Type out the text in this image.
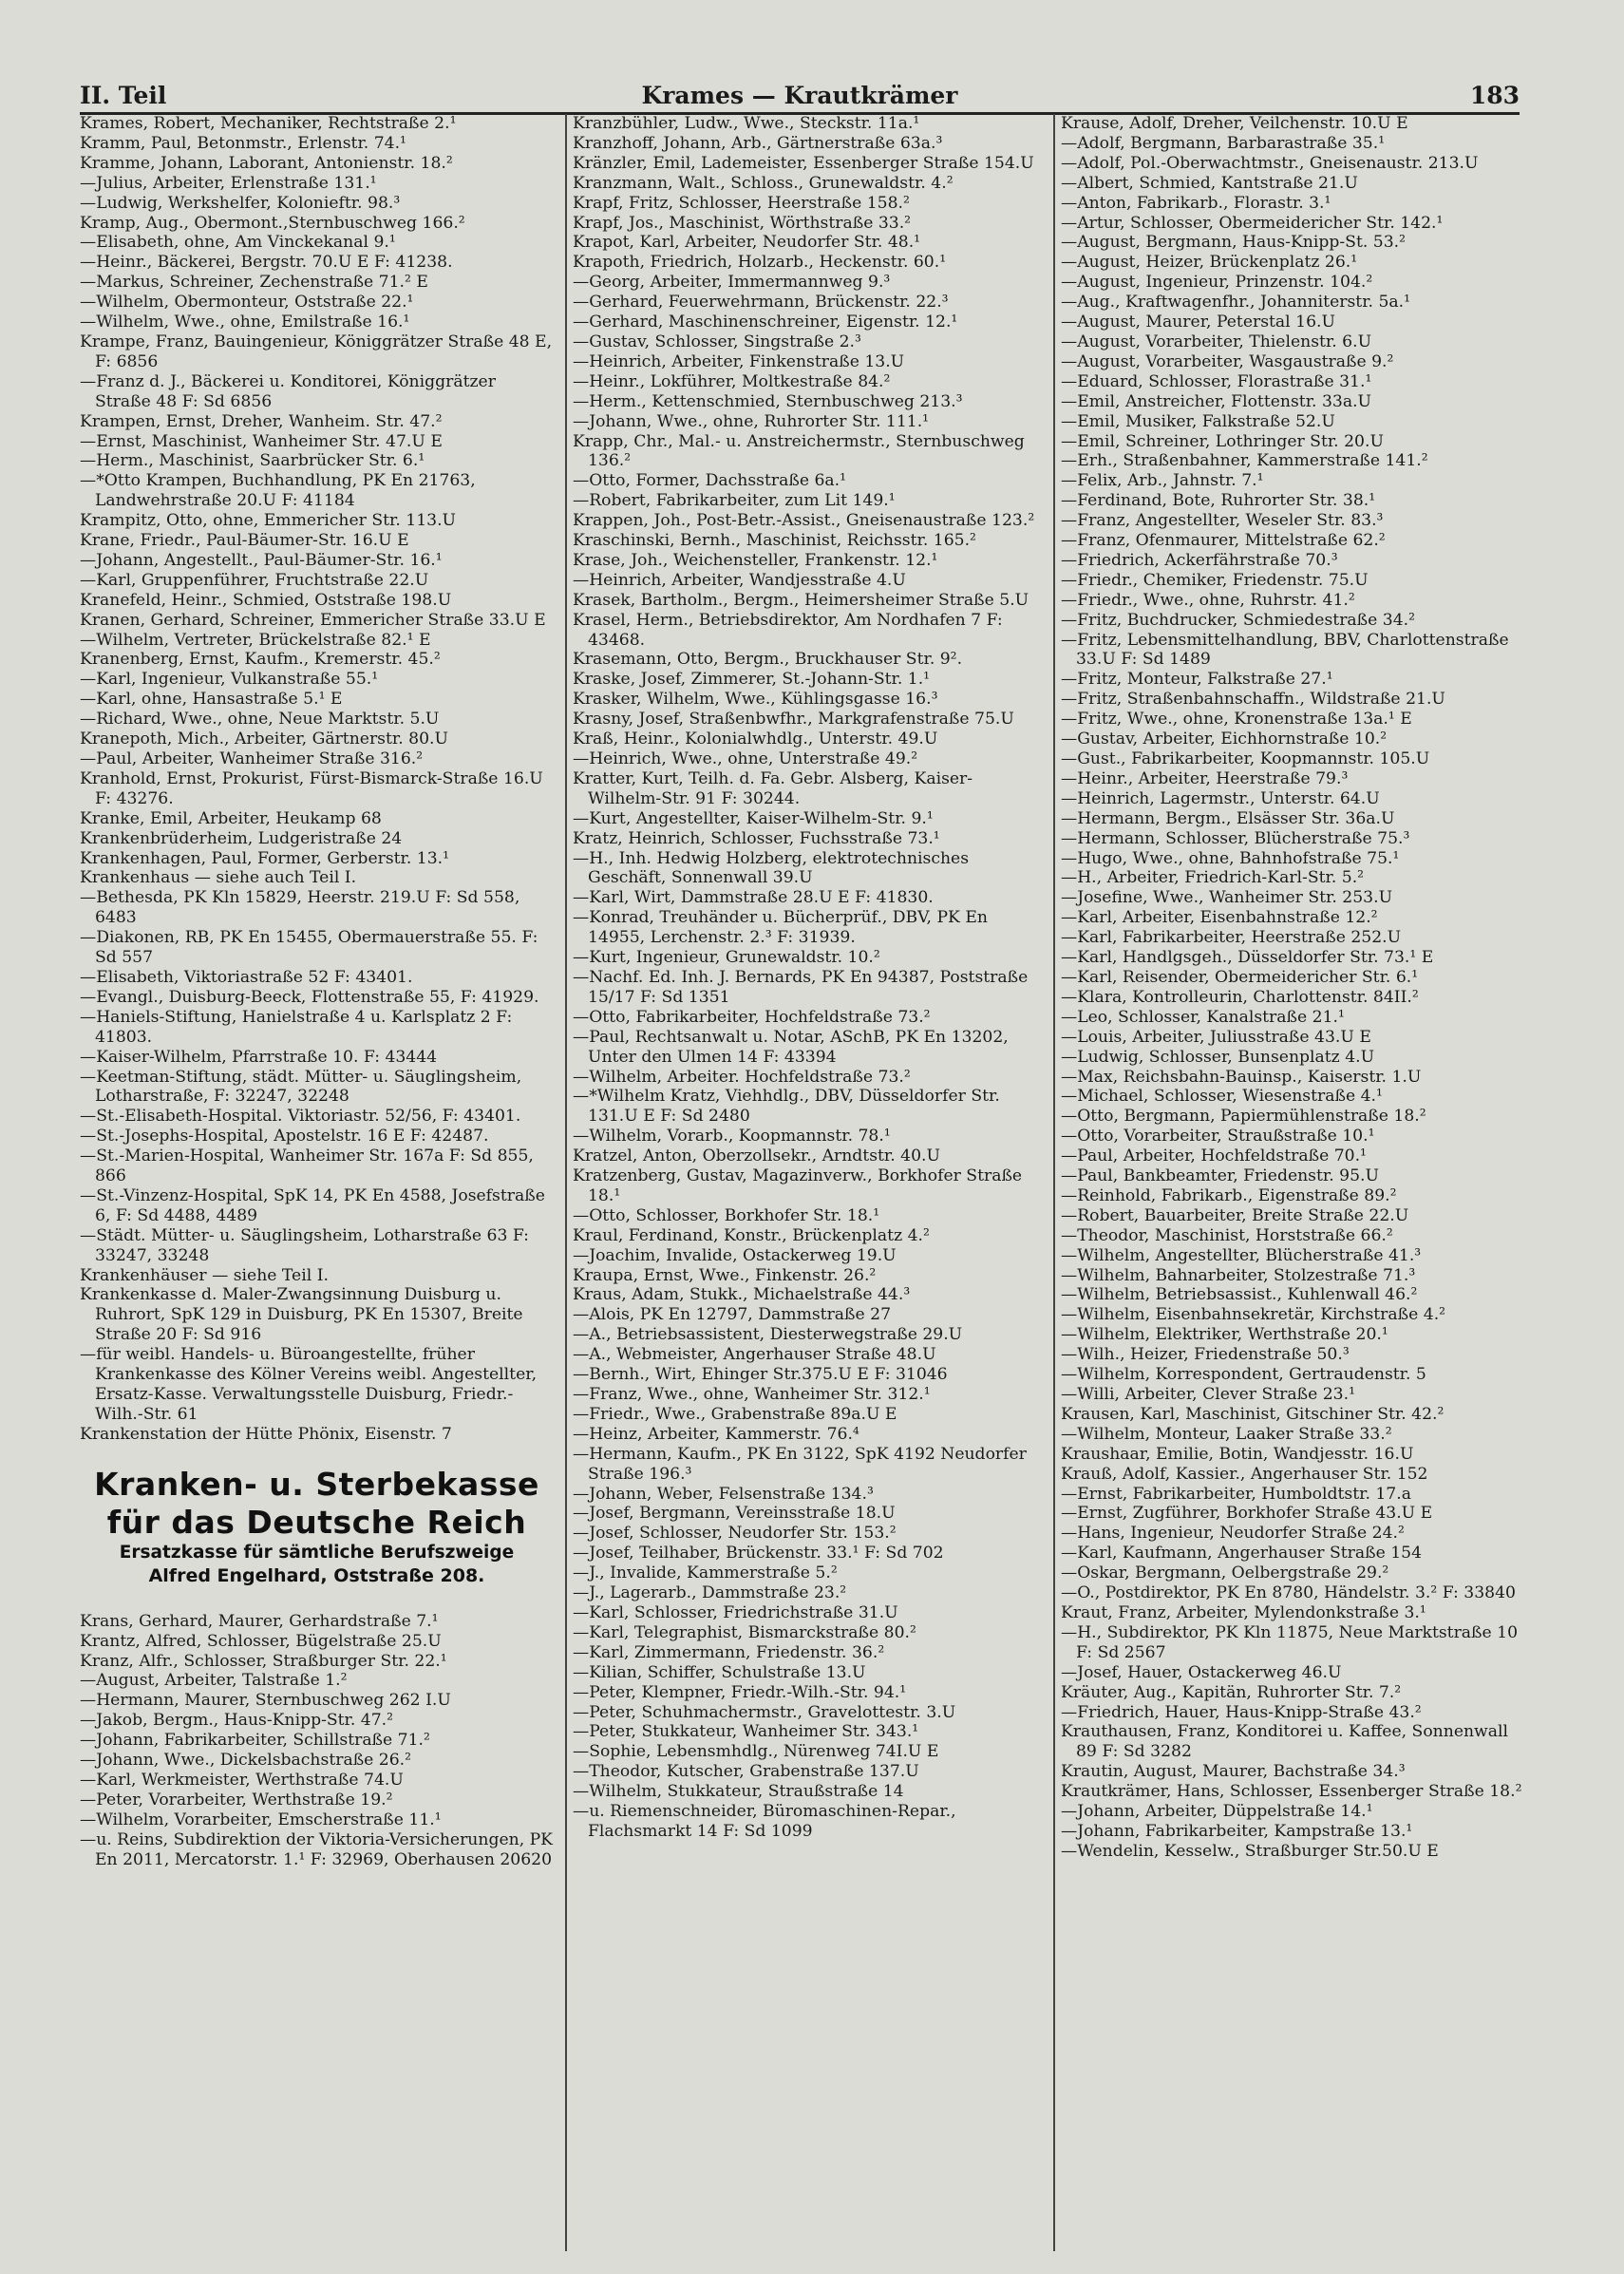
II. Teil	Krames — Krautkrämer	183

Krames, Robert, Mechaniker, Rechtstraße 2.¹

Kramm, Paul, Betonmstr., Erlenstr. 74.¹

Kramme, Johann, Laborant, Antonienstr. 18.²

—Julius, Arbeiter, Erlenstraße 131.¹

—Ludwig, Werkshelfer, Kolonieftr. 98.³

Kramp, Aug., Obermont.,Sternbuschweg 166.²

—Elisabeth, ohne, Am Vinckekanal 9.¹

—Heinr., Bäckerei, Bergstr. 70.U E F: 41238.

—Markus, Schreiner, Zechenstraße 71.² E

—Wilhelm, Obermonteur, Oststraße 22.¹

—Wilhelm, Wwe., ohne, Emilstraße 16.¹

Krampe, Franz, Bauingenieur, Königgrätzer Straße 48 E, F: 6856

—Franz d. J., Bäckerei u. Konditorei, Königgrätzer Straße 48 F: Sd 6856

Krampen, Ernst, Dreher, Wanheim. Str. 47.²

—Ernst, Maschinist, Wanheimer Str. 47.U E

—Herm., Maschinist, Saarbrücker Str. 6.¹

—*Otto Krampen, Buchhandlung, PK En 21763, Landwehrstraße 20.U F: 41184

Krampitz, Otto, ohne, Emmericher Str. 113.U

Krane, Friedr., Paul-Bäumer-Str. 16.U E

—Johann, Angestellt., Paul-Bäumer-Str. 16.¹

—Karl, Gruppenführer, Fruchtstraße 22.U

Kranefeld, Heinr., Schmied, Oststraße 198.U

Kranen, Gerhard, Schreiner, Emmericher Straße 33.U E

—Wilhelm, Vertreter, Brückelstraße 82.¹ E

Kranenberg, Ernst, Kaufm., Kremerstr. 45.²

—Karl, Ingenieur, Vulkanstraße 55.¹

—Karl, ohne, Hansastraße 5.¹ E

—Richard, Wwe., ohne, Neue Marktstr. 5.U

Kranepoth, Mich., Arbeiter, Gärtnerstr. 80.U

—Paul, Arbeiter, Wanheimer Straße 316.²

Kranhold, Ernst, Prokurist, Fürst-Bismarck-Straße 16.U F: 43276.

Kranke, Emil, Arbeiter, Heukamp 68

Krankenbrüderheim, Ludgeristraße 24

Krankenhagen, Paul, Former, Gerberstr. 13.¹

Krankenhaus — siehe auch Teil I.

—Bethesda, PK Kln 15829, Heerstr. 219.U F: Sd 558, 6483

—Diakonen, RB, PK En 15455, Obermauerstraße 55. F: Sd 557

—Elisabeth, Viktoriastraße 52 F: 43401.

—Evangl., Duisburg-Beeck, Flottenstraße 55, F: 41929.

—Haniels-Stiftung, Hanielstraße 4 u. Karlsplatz 2 F: 41803.

—Kaiser-Wilhelm, Pfarrstraße 10. F: 43444

—Keetman-Stiftung, städt. Mütter- u. Säuglingsheim, Lotharstraße, F: 32247, 32248

—St.-Elisabeth-Hospital. Viktoriastr. 52/56, F: 43401.

—St.-Josephs-Hospital, Apostelstr. 16 E F: 42487.

—St.-Marien-Hospital, Wanheimer Str. 167a F: Sd 855, 866

—St.-Vinzenz-Hospital, SpK 14, PK En 4588, Josefstraße 6, F: Sd 4488, 4489

—Städt. Mütter- u. Säuglingsheim, Lotharstraße 63 F: 33247, 33248

Krankenhäuser — siehe Teil I.

Krankenkasse d. Maler-Zwangsinnung Duisburg u. Ruhrort, SpK 129 in Duisburg, PK En 15307, Breite Straße 20 F: Sd 916

—für weibl. Handels- u. Büroangestellte, früher Krankenkasse des Kölner Vereins weibl. Angestellter, Ersatz-Kasse. Verwaltungsstelle Duisburg, Friedr.-Wilh.-Str. 61

Krankenstation der Hütte Phönix, Eisenstr. 7

Kranken- u. Sterbekasse
für das Deutsche Reich
Ersatzkasse für sämtliche Berufszweige
Alfred Engelhard, Oststraße 208.

Krans, Gerhard, Maurer, Gerhardstraße 7.¹

Krantz, Alfred, Schlosser, Bügelstraße 25.U

Kranz, Alfr., Schlosser, Straßburger Str. 22.¹

—August, Arbeiter, Talstraße 1.²

—Hermann, Maurer, Sternbuschweg 262 I.U

—Jakob, Bergm., Haus-Knipp-Str. 47.²

—Johann, Fabrikarbeiter, Schillstraße 71.²

—Johann, Wwe., Dickelsbachstraße 26.²

—Karl, Werkmeister, Werthstraße 74.U

—Peter, Vorarbeiter, Werthstraße 19.²

—Wilhelm, Vorarbeiter, Emscherstraße 11.¹

—u. Reins, Subdirektion der Viktoria-Versicherungen, PK En 2011, Mercatorstr. 1.¹ F: 32969, Oberhausen 20620

Kranzbühler, Ludw., Wwe., Steckstr. 11a.¹

Kranzhoff, Johann, Arb., Gärtnerstraße 63a.³

Kränzler, Emil, Lademeister, Essenberger Straße 154.U

Kranzmann, Walt., Schloss., Grunewaldstr. 4.²

Krapf, Fritz, Schlosser, Heerstraße 158.²

Krapf, Jos., Maschinist, Wörthstraße 33.²

Krapot, Karl, Arbeiter, Neudorfer Str. 48.¹

Krapoth, Friedrich, Holzarb., Heckenstr. 60.¹

—Georg, Arbeiter, Immermannweg 9.³

—Gerhard, Feuerwehrmann, Brückenstr. 22.³

—Gerhard, Maschinenschreiner, Eigenstr. 12.¹

—Gustav, Schlosser, Singstraße 2.³

—Heinrich, Arbeiter, Finkenstraße 13.U

—Heinr., Lokführer, Moltkestraße 84.²

—Herm., Kettenschmied, Sternbuschweg 213.³

—Johann, Wwe., ohne, Ruhrorter Str. 111.¹

Krapp, Chr., Mal.- u. Anstreichermstr., Sternbuschweg 136.²

—Otto, Former, Dachsstraße 6a.¹

—Robert, Fabrikarbeiter, zum Lit 149.¹

Krappen, Joh., Post-Betr.-Assist., Gneisenaustraße 123.²

Kraschinski, Bernh., Maschinist, Reichsstr. 165.²

Krase, Joh., Weichensteller, Frankenstr. 12.¹

—Heinrich, Arbeiter, Wandjesstraße 4.U

Krasek, Bartholm., Bergm., Heimersheimer Straße 5.U

Krasel, Herm., Betriebsdirektor, Am Nordhafen 7 F: 43468.

Krasemann, Otto, Bergm., Bruckhauser Str. 9².

Kraske, Josef, Zimmerer, St.-Johann-Str. 1.¹

Krasker, Wilhelm, Wwe., Kühlingsgasse 16.³

Krasny, Josef, Straßenbwfhr., Markgrafenstraße 75.U

Kraß, Heinr., Kolonialwhdlg., Unterstr. 49.U

—Heinrich, Wwe., ohne, Unterstraße 49.²

Kratter, Kurt, Teilh. d. Fa. Gebr. Alsberg, Kaiser-Wilhelm-Str. 91 F: 30244.

—Kurt, Angestellter, Kaiser-Wilhelm-Str. 9.¹

Kratz, Heinrich, Schlosser, Fuchsstraße 73.¹

—H., Inh. Hedwig Holzberg, elektrotechnisches Geschäft, Sonnenwall 39.U

—Karl, Wirt, Dammstraße 28.U E F: 41830.

—Konrad, Treuhänder u. Bücherprüf., DBV, PK En 14955, Lerchenstr. 2.³ F: 31939.

—Kurt, Ingenieur, Grunewaldstr. 10.²

—Nachf. Ed. Inh. J. Bernards, PK En 94387, Poststraße 15/17 F: Sd 1351

—Otto, Fabrikarbeiter, Hochfeldstraße 73.²

—Paul, Rechtsanwalt u. Notar, ASchB, PK En 13202, Unter den Ulmen 14 F: 43394

—Wilhelm, Arbeiter. Hochfeldstraße 73.²

—*Wilhelm Kratz, Viehhdlg., DBV, Düsseldorfer Str. 131.U E F: Sd 2480

—Wilhelm, Vorarb., Koopmannstr. 78.¹

Kratzel, Anton, Oberzollsekr., Arndtstr. 40.U

Kratzenberg, Gustav, Magazinverw., Borkhofer Straße 18.¹

—Otto, Schlosser, Borkhofer Str. 18.¹

Kraul, Ferdinand, Konstr., Brückenplatz 4.²

—Joachim, Invalide, Ostackerweg 19.U

Kraupa, Ernst, Wwe., Finkenstr. 26.²

Kraus, Adam, Stukk., Michaelstraße 44.³

—Alois, PK En 12797, Dammstraße 27

—A., Betriebsassistent, Diesterwegstraße 29.U

—A., Webmeister, Angerhauser Straße 48.U

—Bernh., Wirt, Ehinger Str.375.U E F: 31046

—Franz, Wwe., ohne, Wanheimer Str. 312.¹

—Friedr., Wwe., Grabenstraße 89a.U E

—Heinz, Arbeiter, Kammerstr. 76.⁴

—Hermann, Kaufm., PK En 3122, SpK 4192 Neudorfer Straße 196.³

—Johann, Weber, Felsenstraße 134.³

—Josef, Bergmann, Vereinsstraße 18.U

—Josef, Schlosser, Neudorfer Str. 153.²

—Josef, Teilhaber, Brückenstr. 33.¹ F: Sd 702

—J., Invalide, Kammerstraße 5.²

—J., Lagerarb., Dammstraße 23.²

—Karl, Schlosser, Friedrichstraße 31.U

—Karl, Telegraphist, Bismarckstraße 80.²

—Karl, Zimmermann, Friedenstr. 36.²

—Kilian, Schiffer, Schulstraße 13.U

—Peter, Klempner, Friedr.-Wilh.-Str. 94.¹

—Peter, Schuhmachermstr., Gravelottestr. 3.U

—Peter, Stukkateur, Wanheimer Str. 343.¹

—Sophie, Lebensmhdlg., Nürenweg 74I.U E

—Theodor, Kutscher, Grabenstraße 137.U

—Wilhelm, Stukkateur, Straußstraße 14

—u. Riemenschneider, Büromaschinen-Repar., Flachsmarkt 14 F: Sd 1099

Krause, Adolf, Dreher, Veilchenstr. 10.U E

—Adolf, Bergmann, Barbarastraße 35.¹

—Adolf, Pol.-Oberwachtmstr., Gneisenaustr. 213.U

—Albert, Schmied, Kantstraße 21.U

—Anton, Fabrikarb., Florastr. 3.¹

—Artur, Schlosser, Obermeidericher Str. 142.¹

—August, Bergmann, Haus-Knipp-St. 53.²

—August, Heizer, Brückenplatz 26.¹

—August, Ingenieur, Prinzenstr. 104.²

—Aug., Kraftwagenfhr., Johanniterstr. 5a.¹

—August, Maurer, Peterstal 16.U

—August, Vorarbeiter, Thielenstr. 6.U

—August, Vorarbeiter, Wasgaustraße 9.²

—Eduard, Schlosser, Florastraße 31.¹

—Emil, Anstreicher, Flottenstr. 33a.U

—Emil, Musiker, Falkstraße 52.U

—Emil, Schreiner, Lothringer Str. 20.U

—Erh., Straßenbahner, Kammerstraße 141.²

—Felix, Arb., Jahnstr. 7.¹

—Ferdinand, Bote, Ruhrorter Str. 38.¹

—Franz, Angestellter, Weseler Str. 83.³

—Franz, Ofenmaurer, Mittelstraße 62.²

—Friedrich, Ackerfährstraße 70.³

—Friedr., Chemiker, Friedenstr. 75.U

—Friedr., Wwe., ohne, Ruhrstr. 41.²

—Fritz, Buchdrucker, Schmiedestraße 34.²

—Fritz, Lebensmittelhandlung, BBV, Charlottenstraße 33.U F: Sd 1489

—Fritz, Monteur, Falkstraße 27.¹

—Fritz, Straßenbahnschaffn., Wildstraße 21.U

—Fritz, Wwe., ohne, Kronenstraße 13a.¹ E

—Gustav, Arbeiter, Eichhornstraße 10.²

—Gust., Fabrikarbeiter, Koopmannstr. 105.U

—Heinr., Arbeiter, Heerstraße 79.³

—Heinrich, Lagermstr., Unterstr. 64.U

—Hermann, Bergm., Elsässer Str. 36a.U

—Hermann, Schlosser, Blücherstraße 75.³

—Hugo, Wwe., ohne, Bahnhofstraße 75.¹

—H., Arbeiter, Friedrich-Karl-Str. 5.²

—Josefine, Wwe., Wanheimer Str. 253.U

—Karl, Arbeiter, Eisenbahnstraße 12.²

—Karl, Fabrikarbeiter, Heerstraße 252.U

—Karl, Handlgsgeh., Düsseldorfer Str. 73.¹ E

—Karl, Reisender, Obermeidericher Str. 6.¹

—Klara, Kontrolleurin, Charlottenstr. 84II.²

—Leo, Schlosser, Kanalstraße 21.¹

—Louis, Arbeiter, Juliusstraße 43.U E

—Ludwig, Schlosser, Bunsenplatz 4.U

—Max, Reichsbahn-Bauinsp., Kaiserstr. 1.U

—Michael, Schlosser, Wiesenstraße 4.¹

—Otto, Bergmann, Papiermühlenstraße 18.²

—Otto, Vorarbeiter, Straußstraße 10.¹

—Paul, Arbeiter, Hochfeldstraße 70.¹

—Paul, Bankbeamter, Friedenstr. 95.U

—Reinhold, Fabrikarb., Eigenstraße 89.²

—Robert, Bauarbeiter, Breite Straße 22.U

—Theodor, Maschinist, Horststraße 66.²

—Wilhelm, Angestellter, Blücherstraße 41.³

—Wilhelm, Bahnarbeiter, Stolzestraße 71.³

—Wilhelm, Betriebsassist., Kuhlenwall 46.²

—Wilhelm, Eisenbahnsekretär, Kirchstraße 4.²

—Wilhelm, Elektriker, Werthstraße 20.¹

—Wilh., Heizer, Friedenstraße 50.³

—Wilhelm, Korrespondent, Gertraudenstr. 5

—Willi, Arbeiter, Clever Straße 23.¹

Krausen, Karl, Maschinist, Gitschiner Str. 42.²

—Wilhelm, Monteur, Laaker Straße 33.²

Kraushaar, Emilie, Botin, Wandjesstr. 16.U

Krauß, Adolf, Kassier., Angerhauser Str. 152

—Ernst, Fabrikarbeiter, Humboldtstr. 17.a

—Ernst, Zugführer, Borkhofer Straße 43.U E

—Hans, Ingenieur, Neudorfer Straße 24.²

—Karl, Kaufmann, Angerhauser Straße 154

—Oskar, Bergmann, Oelbergstraße 29.²

—O., Postdirektor, PK En 8780, Händelstr. 3.² F: 33840

Kraut, Franz, Arbeiter, Mylendonkstraße 3.¹

—H., Subdirektor, PK Kln 11875, Neue Marktstraße 10 F: Sd 2567

—Josef, Hauer, Ostackerweg 46.U

Kräuter, Aug., Kapitän, Ruhrorter Str. 7.²

—Friedrich, Hauer, Haus-Knipp-Straße 43.²

Krauthausen, Franz, Konditorei u. Kaffee, Sonnenwall 89 F: Sd 3282

Krautin, August, Maurer, Bachstraße 34.³

Krautkrämer, Hans, Schlosser, Essenberger Straße 18.²

—Johann, Arbeiter, Düppelstraße 14.¹

—Johann, Fabrikarbeiter, Kampstraße 13.¹

—Wendelin, Kesselw., Straßburger Str.50.U E
